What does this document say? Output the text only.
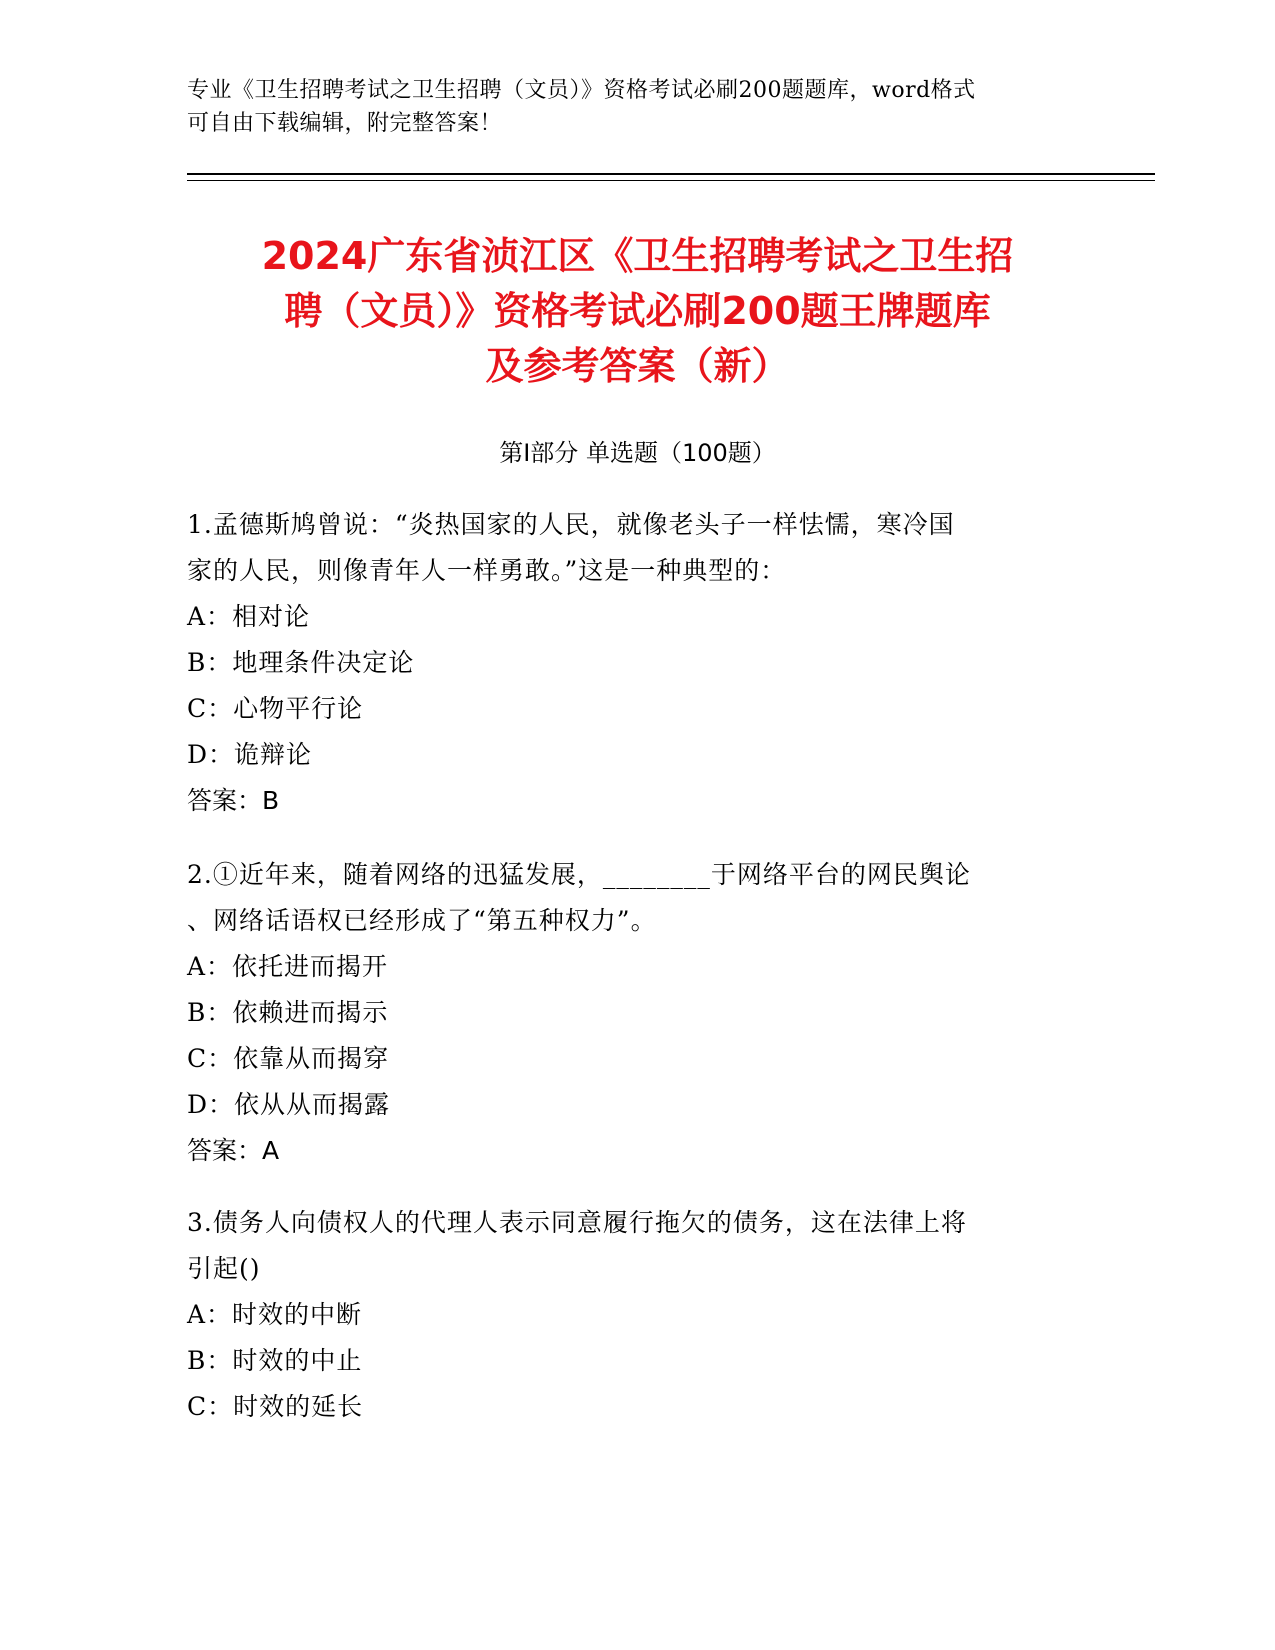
专业《卫生招聘考试之卫生招聘（文员）》资格考试必刷200题题库，word格式
可自由下载编辑，附完整答案！
2024广东省浈江区《卫生招聘考试之卫生招
聘（文员）》资格考试必刷200题王牌题库
及参考答案（新）
第Ⅰ部分 单选题（100题）
1.孟德斯鸠曾说：“炎热国家的人民，就像老头子一样怯懦，寒冷国
家的人民，则像青年人一样勇敢。”这是一种典型的：
A：相对论
B：地理条件决定论
C：心物平行论
D：诡辩论
答案：B
2.①近年来，随着网络的迅猛发展，________于网络平台的网民舆论
、网络话语权已经形成了“第五种权力”。
A：依托进而揭开
B：依赖进而揭示
C：依靠从而揭穿
D：依从从而揭露
答案：A
3.债务人向债权人的代理人表示同意履行拖欠的债务，这在法律上将
引起()
A：时效的中断
B：时效的中止
C：时效的延长
